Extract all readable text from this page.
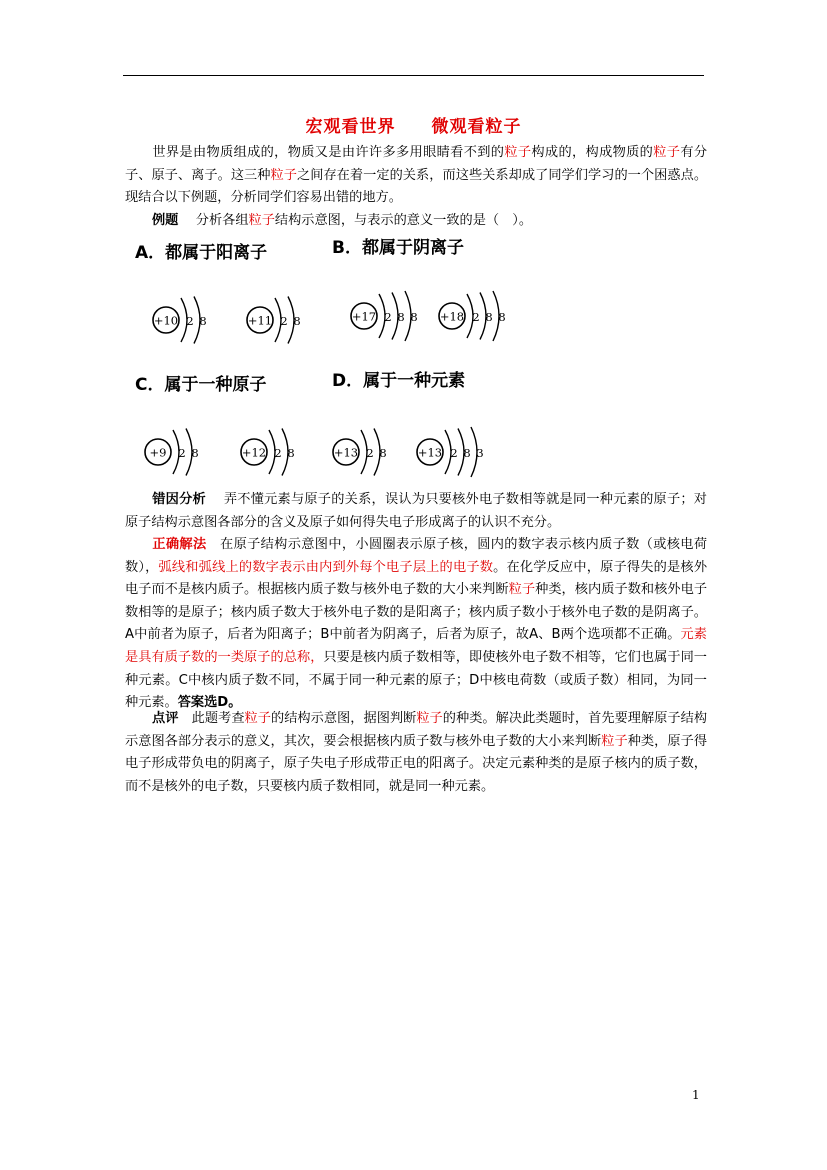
宏观看世界 微观看粒子
世界是由物质组成的，物质又是由许许多多用眼睛看不到的粒子构成的，构成物质的粒子有分子、原子、离子。这三种粒子之间存在着一定的关系，而这些关系却成了同学们学习的一个困惑点。现结合以下例题，分析同学们容易出错的地方。
例题　 分析各组粒子结构示意图，与表示的意义一致的是（　）。
A．都属于阳离子	B．都属于阴离子
C．属于一种原子	D．属于一种元素
+10 2 8	+11 2 8	+17 2 8 8 +18 2 8 8
+9 2 8	+12 2 8	+13 2 8	+13 2 8 3
错因分析　 弄不懂元素与原子的关系，误认为只要核外电子数相等就是同一种元素的原子；对原子结构示意图各部分的含义及原子如何得失电子形成离子的认识不充分。
正确解法　在原子结构示意图中，小圆圈表示原子核，圆内的数字表示核内质子数（或核电荷数），弧线和弧线上的数字表示由内到外每个电子层上的电子数。在化学反应中，原子得失的是核外电子而不是核内质子。根据核内质子数与核外电子数的大小来判断粒子种类，核内质子数和核外电子数相等的是原子；核内质子数大于核外电子数的是阳离子；核内质子数小于核外电子数的是阴离子。A中前者为原子，后者为阳离子；B中前者为阴离子，后者为原子，故A、B两个选项都不正确。元素是具有质子数的一类原子的总称，只要是核内质子数相等，即使核外电子数不相等，它们也属于同一种元素。C中核内质子数不同，不属于同一种元素的原子；D中核电荷数（或质子数）相同，为同一种元素。答案选D。
点评　此题考查粒子的结构示意图，据图判断粒子的种类。解决此类题时，首先要理解原子结构示意图各部分表示的意义，其次，要会根据核内质子数与核外电子数的大小来判断粒子种类，原子得电子形成带负电的阴离子，原子失电子形成带正电的阳离子。决定元素种类的是原子核内的质子数，而不是核外的电子数，只要核内质子数相同，就是同一种元素。
1
